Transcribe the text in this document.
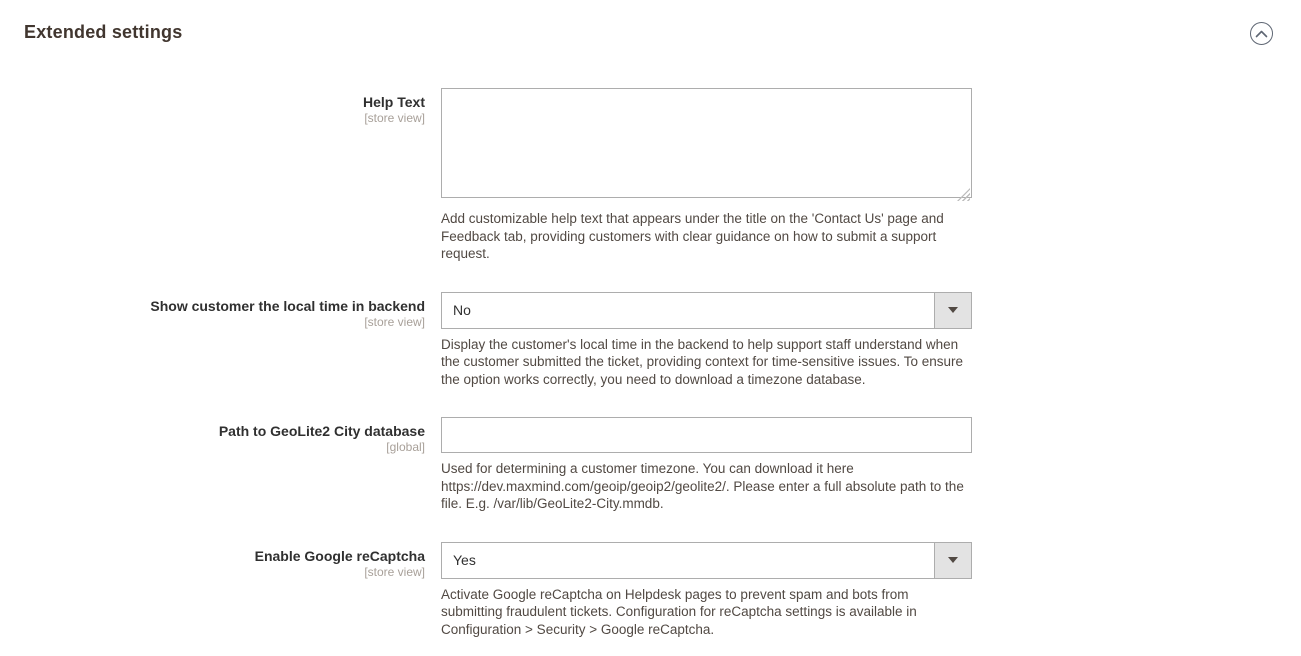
Extended settings
Help Text
[store view]
Add customizable help text that appears under the title on the 'Contact Us' page and Feedback tab, providing customers with clear guidance on how to submit a support request.
Show customer the local time in backend
[store view]
No
Display the customer's local time in the backend to help support staff understand when the customer submitted the ticket, providing context for time-sensitive issues. To ensure the option works correctly, you need to download a timezone database.
Path to GeoLite2 City database
[global]
Used for determining a customer timezone. You can download it here https://dev.maxmind.com/geoip/geoip2/geolite2/. Please enter a full absolute path to the file. E.g. /var/lib/GeoLite2-City.mmdb.
Enable Google reCaptcha
[store view]
Yes
Activate Google reCaptcha on Helpdesk pages to prevent spam and bots from submitting fraudulent tickets. Configuration for reCaptcha settings is available in Configuration > Security > Google reCaptcha.
